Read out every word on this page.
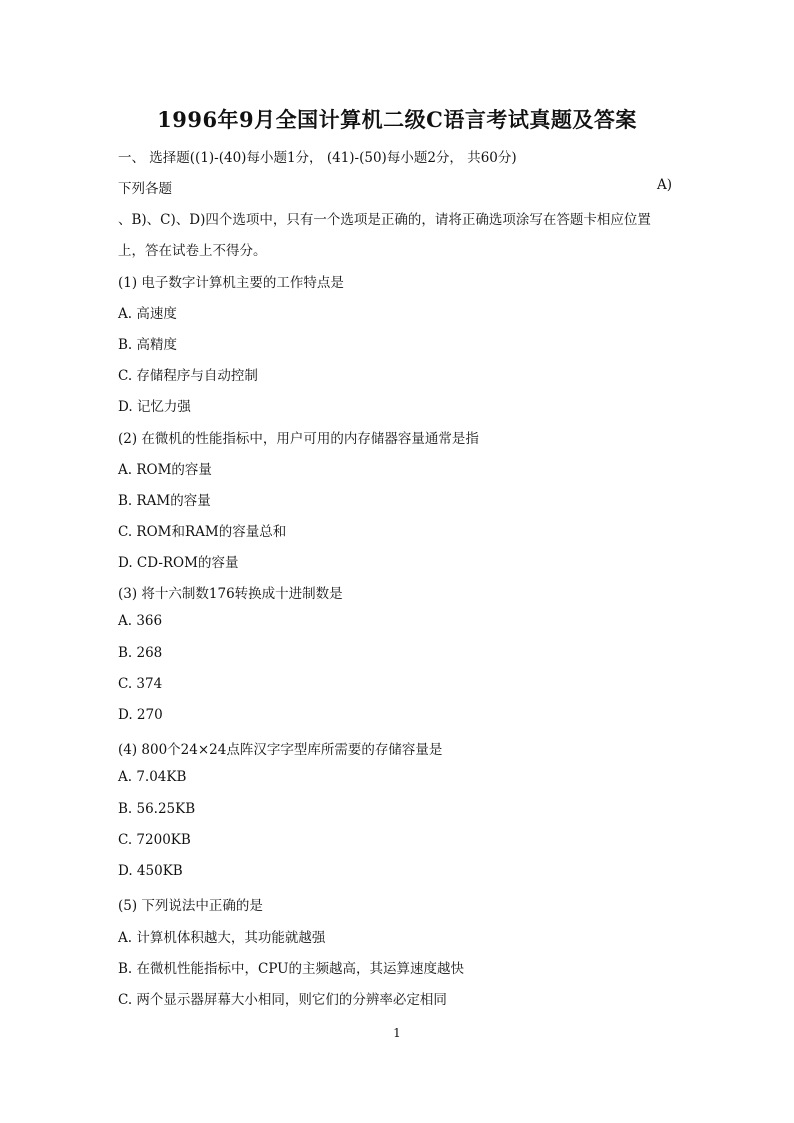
1996年9月全国计算机二级C语言考试真题及答案
一、 选择题((1)-(40)每小题1分， (41)-(50)每小题2分， 共60分)
下列各题	A)
、B)、C)、D)四个选项中，只有一个选项是正确的，请将正确选项涂写在答题卡相应位置
上，答在试卷上不得分。
(1) 电子数字计算机主要的工作特点是
A. 高速度
B. 高精度
C. 存储程序与自动控制
D. 记忆力强
(2) 在微机的性能指标中，用户可用的内存储器容量通常是指
A. ROM的容量
B. RAM的容量
C. ROM和RAM的容量总和
D. CD-ROM的容量
(3) 将十六制数176转换成十进制数是
A. 366
B. 268
C. 374
D. 270
(4) 800个24×24点阵汉字字型库所需要的存储容量是
A. 7.04KB
B. 56.25KB
C. 7200KB
D. 450KB
(5) 下列说法中正确的是
A. 计算机体积越大，其功能就越强
B. 在微机性能指标中，CPU的主频越高，其运算速度越快
C. 两个显示器屏幕大小相同，则它们的分辨率必定相同
1
